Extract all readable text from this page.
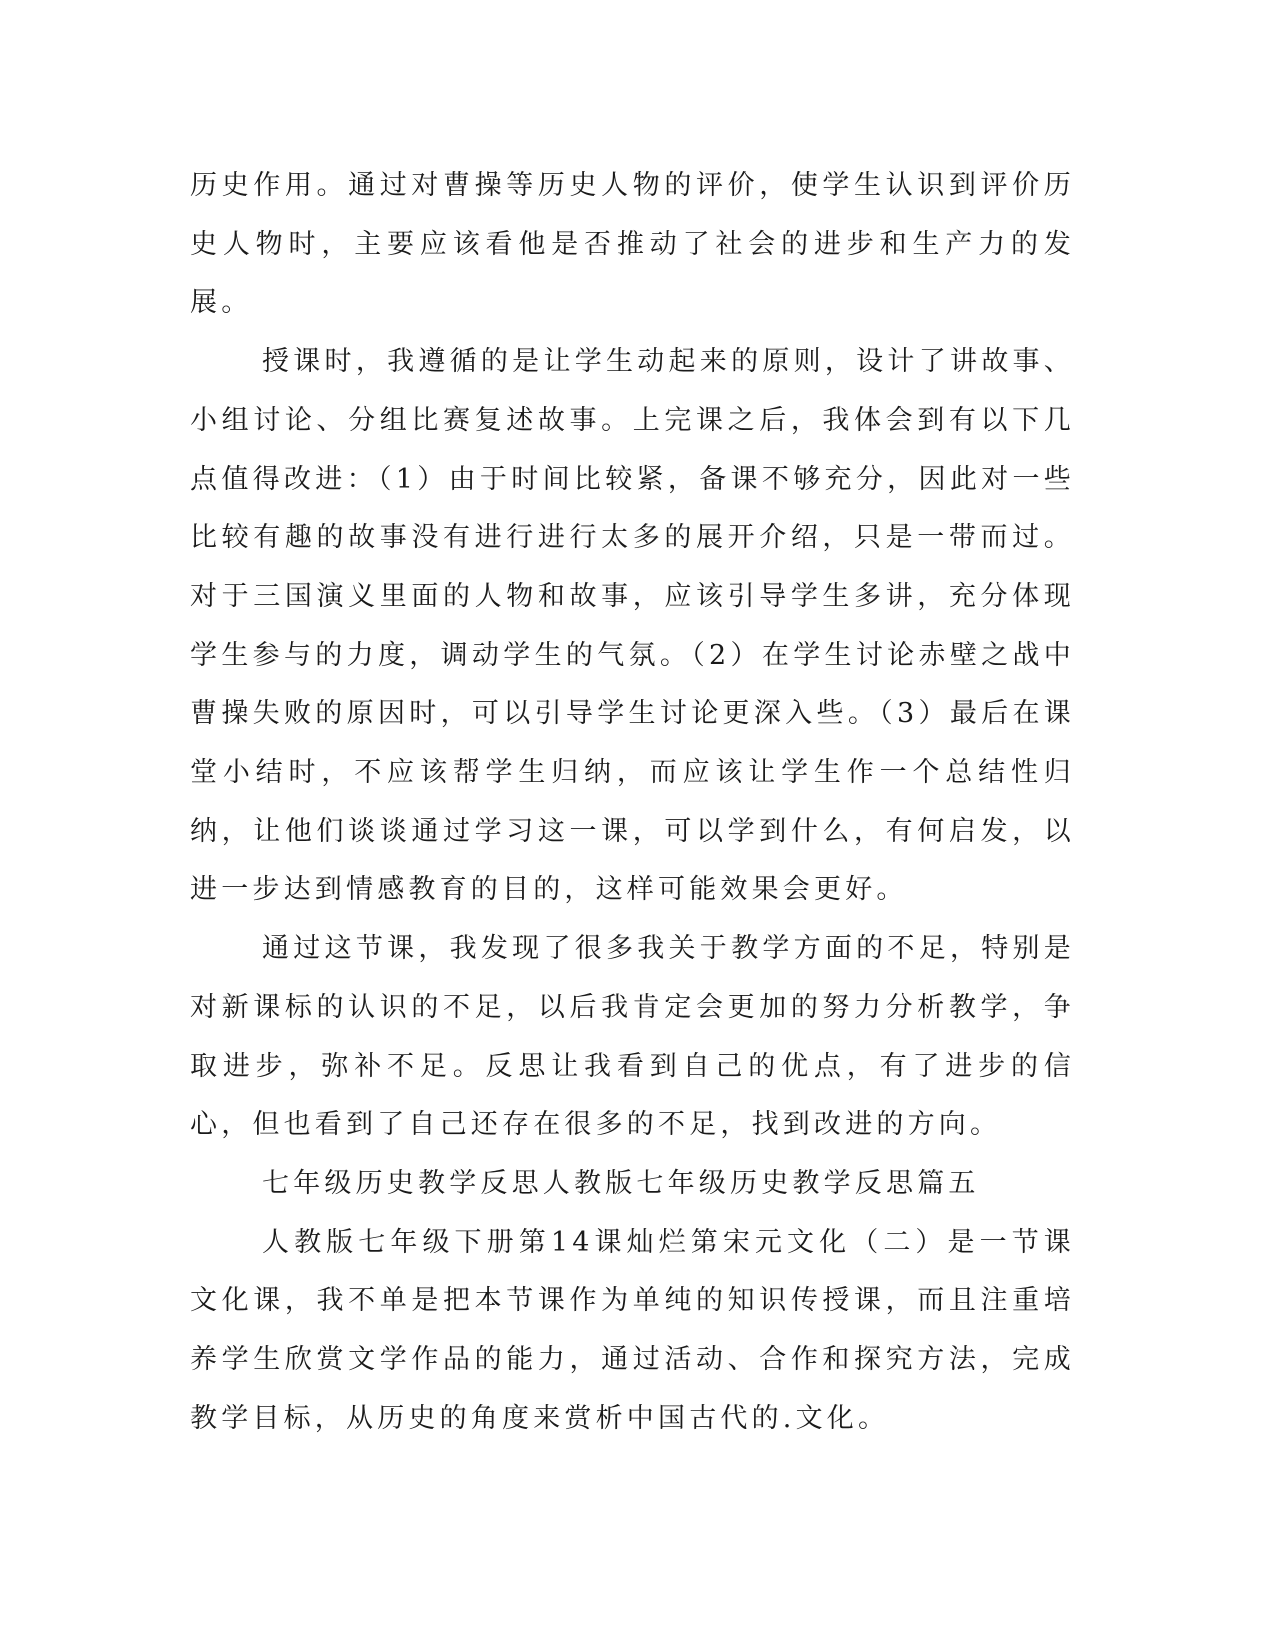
历史作用。通过对曹操等历史人物的评价，使学生认识到评价历史人物时，主要应该看他是否推动了社会的进步和生产力的发展。

授课时，我遵循的是让学生动起来的原则，设计了讲故事、小组讨论、分组比赛复述故事。上完课之后，我体会到有以下几点值得改进：（1）由于时间比较紧，备课不够充分，因此对一些比较有趣的故事没有进行进行太多的展开介绍，只是一带而过。对于三国演义里面的人物和故事，应该引导学生多讲，充分体现学生参与的力度，调动学生的气氛。（2）在学生讨论赤壁之战中曹操失败的原因时，可以引导学生讨论更深入些。（3）最后在课堂小结时，不应该帮学生归纳，而应该让学生作一个总结性归纳，让他们谈谈通过学习这一课，可以学到什么，有何启发，以进一步达到情感教育的目的，这样可能效果会更好。

通过这节课，我发现了很多我关于教学方面的不足，特别是对新课标的认识的不足，以后我肯定会更加的努力分析教学，争取进步，弥补不足。反思让我看到自己的优点，有了进步的信心，但也看到了自己还存在很多的不足，找到改进的方向。

七年级历史教学反思人教版七年级历史教学反思篇五

人教版七年级下册第14课灿烂第宋元文化（二）是一节课文化课，我不单是把本节课作为单纯的知识传授课，而且注重培养学生欣赏文学作品的能力，通过活动、合作和探究方法，完成教学目标，从历史的角度来赏析中国古代的.文化。
